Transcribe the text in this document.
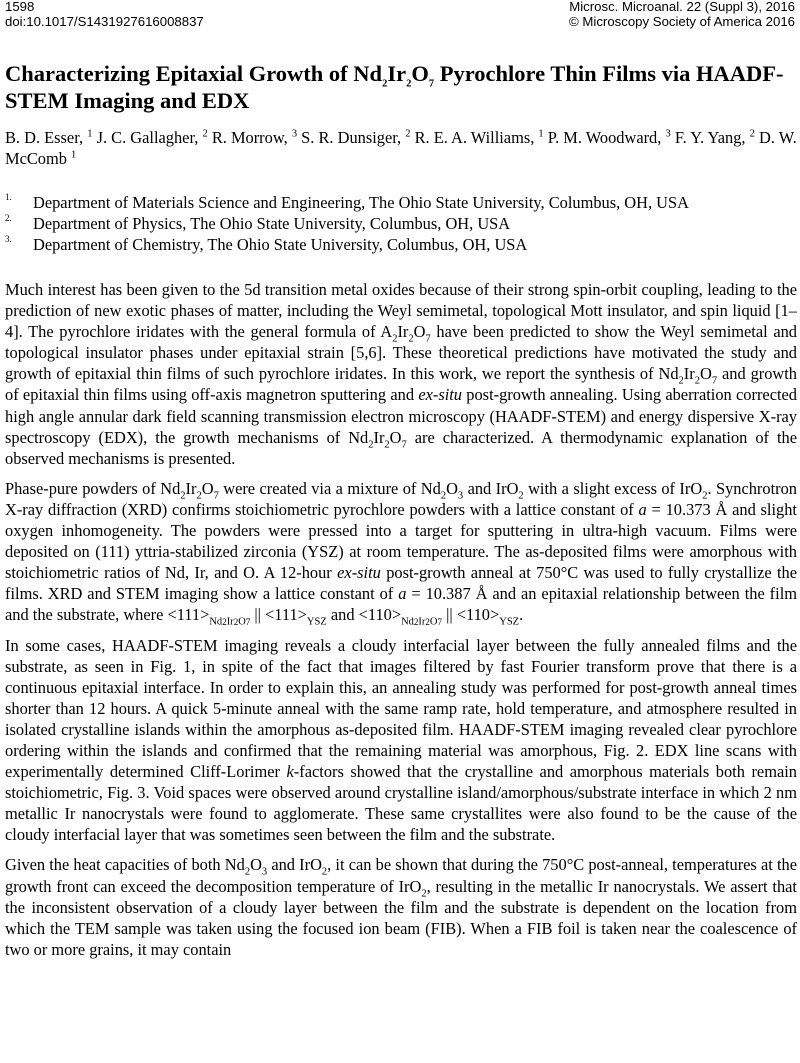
1598
doi:10.1017/S1431927616008837
Microsc. Microanal. 22 (Suppl 3), 2016
© Microscopy Society of America 2016
Characterizing Epitaxial Growth of $Nd_2Ir_2O_7$ Pyrochlore Thin Films via HAADF-STEM Imaging and EDX
B. D. Esser, $^1$ J. C. Gallagher, $^2$ R. Morrow, $^3$ S. R. Dunsiger, $^2$ R. E. A. Williams, $^1$ P. M. Woodward, $^3$ F. Y. Yang, $^2$ D. W. McComb $^1$
1. Department of Materials Science and Engineering, The Ohio State University, Columbus, OH, USA
2. Department of Physics, The Ohio State University, Columbus, OH, USA
3. Department of Chemistry, The Ohio State University, Columbus, OH, USA

Much interest has been given to the 5d transition metal oxides because of their strong spin-orbit coupling, leading to the prediction of new exotic phases of matter, including the Weyl semimetal, topological Mott insulator, and spin liquid [1–4]. The pyrochlore iridates with the general formula of $A_2Ir_2O_7$ have been predicted to show the Weyl semimetal and topological insulator phases under epitaxial strain [5,6]. These theoretical predictions have motivated the study and growth of epitaxial thin films of such pyrochlore iridates. In this work, we report the synthesis of $Nd_2Ir_2O_7$ and growth of epitaxial thin films using off-axis magnetron sputtering and ex-situ post-growth annealing. Using aberration corrected high angle annular dark field scanning transmission electron microscopy (HAADF-STEM) and energy dispersive X-ray spectroscopy (EDX), the growth mechanisms of $Nd_2Ir_2O_7$ are characterized. A thermodynamic explanation of the observed mechanisms is presented.

Phase-pure powders of $Nd_2Ir_2O_7$ were created via a mixture of $Nd_2O_3$ and IrO$_2$ with a slight excess of IrO$_2$. Synchrotron X-ray diffraction (XRD) confirms stoichiometric pyrochlore powders with a lattice constant of a = 10.373 Å and slight oxygen inhomogeneity. The powders were pressed into a target for sputtering in ultra-high vacuum. Films were deposited on (111) yttria-stabilized zirconia (YSZ) at room temperature. The as-deposited films were amorphous with stoichiometric ratios of Nd, Ir, and O. A 12-hour ex-situ post-growth anneal at 750°C was used to fully crystallize the films. XRD and STEM imaging show a lattice constant of a = 10.387 Å and an epitaxial relationship between the film and the substrate, where $<111>_{Nd2Ir2O7}$ || $<111>_{YSZ}$ and $<110>_{Nd2Ir2O7}$ || $<110>_{YSZ}$.

In some cases, HAADF-STEM imaging reveals a cloudy interfacial layer between the fully annealed films and the substrate, as seen in Fig. 1, in spite of the fact that images filtered by fast Fourier transform prove that there is a continuous epitaxial interface. In order to explain this, an annealing study was performed for post-growth anneal times shorter than 12 hours. A quick 5-minute anneal with the same ramp rate, hold temperature, and atmosphere resulted in isolated crystalline islands within the amorphous as-deposited film. HAADF-STEM imaging revealed clear pyrochlore ordering within the islands and confirmed that the remaining material was amorphous, Fig. 2. EDX line scans with experimentally determined Cliff-Lorimer k-factors showed that the crystalline and amorphous materials both remain stoichiometric, Fig. 3. Void spaces were observed around crystalline island/amorphous/substrate interface in which 2 nm metallic Ir nanocrystals were found to agglomerate. These same crystallites were also found to be the cause of the cloudy interfacial layer that was sometimes seen between the film and the substrate.

Given the heat capacities of both $Nd_2O_3$ and IrO$_2$, it can be shown that during the 750°C post-anneal, temperatures at the growth front can exceed the decomposition temperature of IrO$_2$, resulting in the metallic Ir nanocrystals. We assert that the inconsistent observation of a cloudy layer between the film and the substrate is dependent on the location from which the TEM sample was taken using the focused ion beam (FIB). When a FIB foil is taken near the coalescence of two or more grains, it may contain
